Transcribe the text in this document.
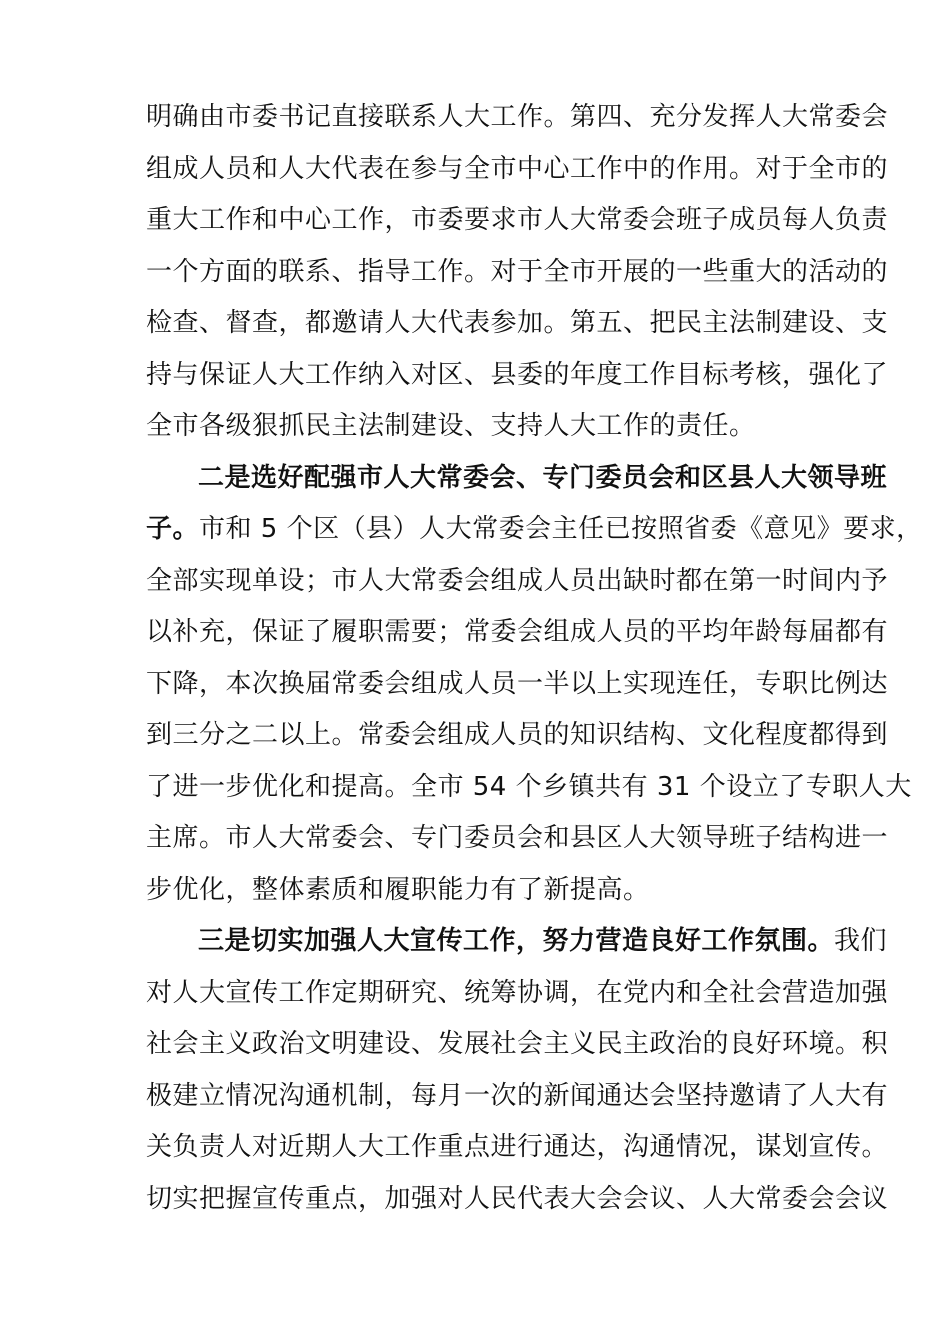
明确由市委书记直接联系人大工作。第四、充分发挥人大常委会
组成人员和人大代表在参与全市中心工作中的作用。对于全市的
重大工作和中心工作，市委要求市人大常委会班子成员每人负责
一个方面的联系、指导工作。对于全市开展的一些重大的活动的
检查、督查，都邀请人大代表参加。第五、把民主法制建设、支
持与保证人大工作纳入对区、县委的年度工作目标考核，强化了
全市各级狠抓民主法制建设、支持人大工作的责任。
二是选好配强市人大常委会、专门委员会和区县人大领导班
子。市和 5 个区（县）人大常委会主任已按照省委《意见》要求，
全部实现单设；市人大常委会组成人员出缺时都在第一时间内予
以补充，保证了履职需要；常委会组成人员的平均年龄每届都有
下降，本次换届常委会组成人员一半以上实现连任，专职比例达
到三分之二以上。常委会组成人员的知识结构、文化程度都得到
了进一步优化和提高。全市 54 个乡镇共有 31 个设立了专职人大
主席。市人大常委会、专门委员会和县区人大领导班子结构进一
步优化，整体素质和履职能力有了新提高。
三是切实加强人大宣传工作，努力营造良好工作氛围。我们
对人大宣传工作定期研究、统筹协调，在党内和全社会营造加强
社会主义政治文明建设、发展社会主义民主政治的良好环境。积
极建立情况沟通机制，每月一次的新闻通达会坚持邀请了人大有
关负责人对近期人大工作重点进行通达，沟通情况，谋划宣传。
切实把握宣传重点，加强对人民代表大会会议、人大常委会会议
